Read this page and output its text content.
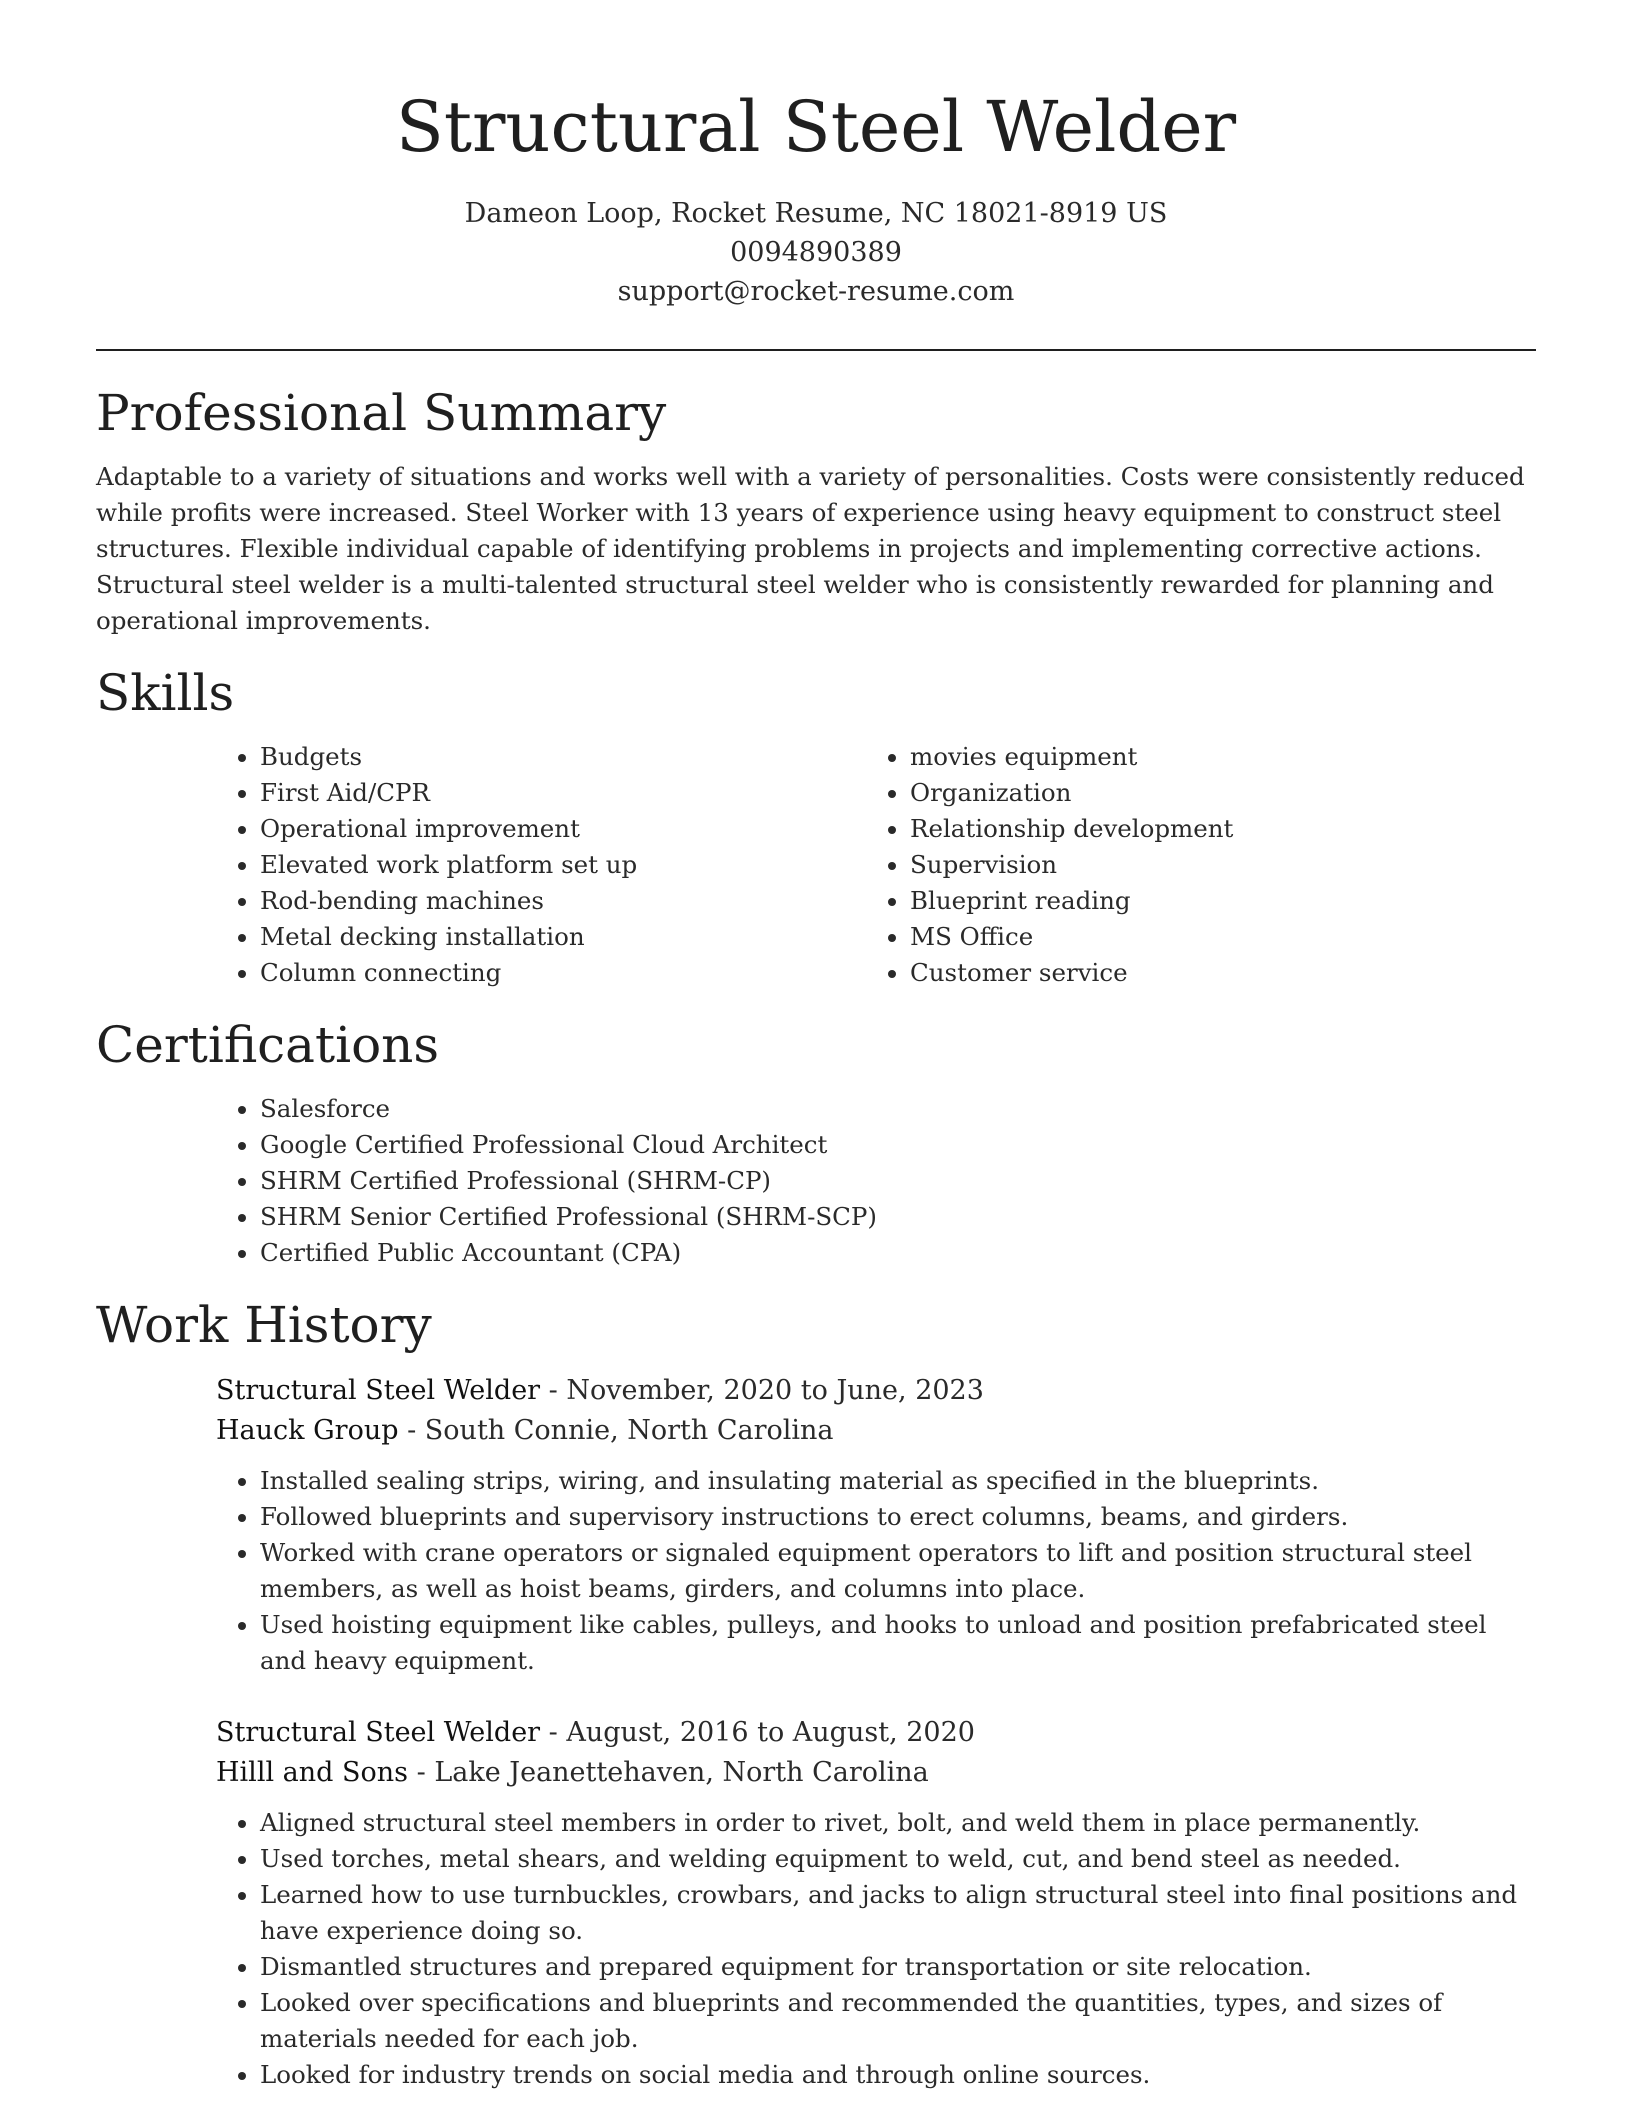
Structural Steel Welder
Dameon Loop, Rocket Resume, NC 18021-8919 US
0094890389
support@rocket-resume.com
Professional Summary

Adaptable to a variety of situations and works well with a variety of personalities. Costs were consistently reduced while profits were increased. Steel Worker with 13 years of experience using heavy equipment to construct steel structures. Flexible individual capable of identifying problems in projects and implementing corrective actions. Structural steel welder is a multi-talented structural steel welder who is consistently rewarded for planning and operational improvements.

Skills
• Budgets
• First Aid/CPR
• Operational improvement
• Elevated work platform set up
• Rod-bending machines
• Metal decking installation
• Column connecting
• movies equipment
• Organization
• Relationship development
• Supervision
• Blueprint reading
• MS Office
• Customer service
Certifications
• Salesforce
• Google Certified Professional Cloud Architect
• SHRM Certified Professional (SHRM-CP)
• SHRM Senior Certified Professional (SHRM-SCP)
• Certified Public Accountant (CPA)
Work History
Structural Steel Welder - November, 2020 to June, 2023
Hauck Group - South Connie, North Carolina
• Installed sealing strips, wiring, and insulating material as specified in the blueprints.
• Followed blueprints and supervisory instructions to erect columns, beams, and girders.
• Worked with crane operators or signaled equipment operators to lift and position structural steel members, as well as hoist beams, girders, and columns into place.
• Used hoisting equipment like cables, pulleys, and hooks to unload and position prefabricated steel and heavy equipment.
Structural Steel Welder - August, 2016 to August, 2020
Hilll and Sons - Lake Jeanettehaven, North Carolina
• Aligned structural steel members in order to rivet, bolt, and weld them in place permanently.
• Used torches, metal shears, and welding equipment to weld, cut, and bend steel as needed.
• Learned how to use turnbuckles, crowbars, and jacks to align structural steel into final positions and have experience doing so.
• Dismantled structures and prepared equipment for transportation or site relocation.
• Looked over specifications and blueprints and recommended the quantities, types, and sizes of materials needed for each job.
• Looked for industry trends on social media and through online sources.
